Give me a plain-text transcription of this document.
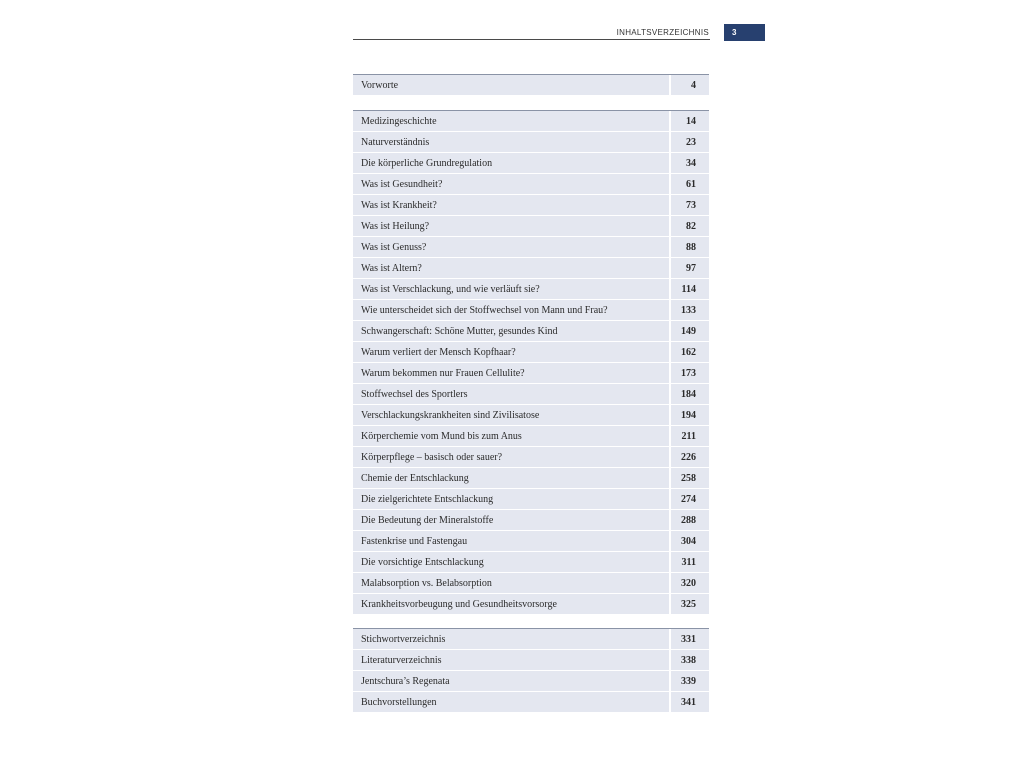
INHALTSVERZEICHNIS	3
Vorworte	4
Medizingeschichte	14
Naturverständnis	23
Die körperliche Grundregulation	34
Was ist Gesundheit?	61
Was ist Krankheit?	73
Was ist Heilung?	82
Was ist Genuss?	88
Was ist Altern?	97
Was ist Verschlackung, und wie verläuft sie?	114
Wie unterscheidet sich der Stoffwechsel von Mann und Frau?	133
Schwangerschaft: Schöne Mutter, gesundes Kind	149
Warum verliert der Mensch Kopfhaar?	162
Warum bekommen nur Frauen Cellulite?	173
Stoffwechsel des Sportlers	184
Verschlackungskrankheiten sind Zivilisatose	194
Körperchemie vom Mund bis zum Anus	211
Körperpflege – basisch oder sauer?	226
Chemie der Entschlackung	258
Die zielgerichtete Entschlackung	274
Die Bedeutung der Mineralstoffe	288
Fastenkrise und Fastengau	304
Die vorsichtige Entschlackung	311
Malabsorption vs. Belabsorption	320
Krankheitsvorbeugung und Gesundheitsvorsorge	325
Stichwortverzeichnis	331
Literaturverzeichnis	338
Jentschura’s Regenata	339
Buchvorstellungen	341
